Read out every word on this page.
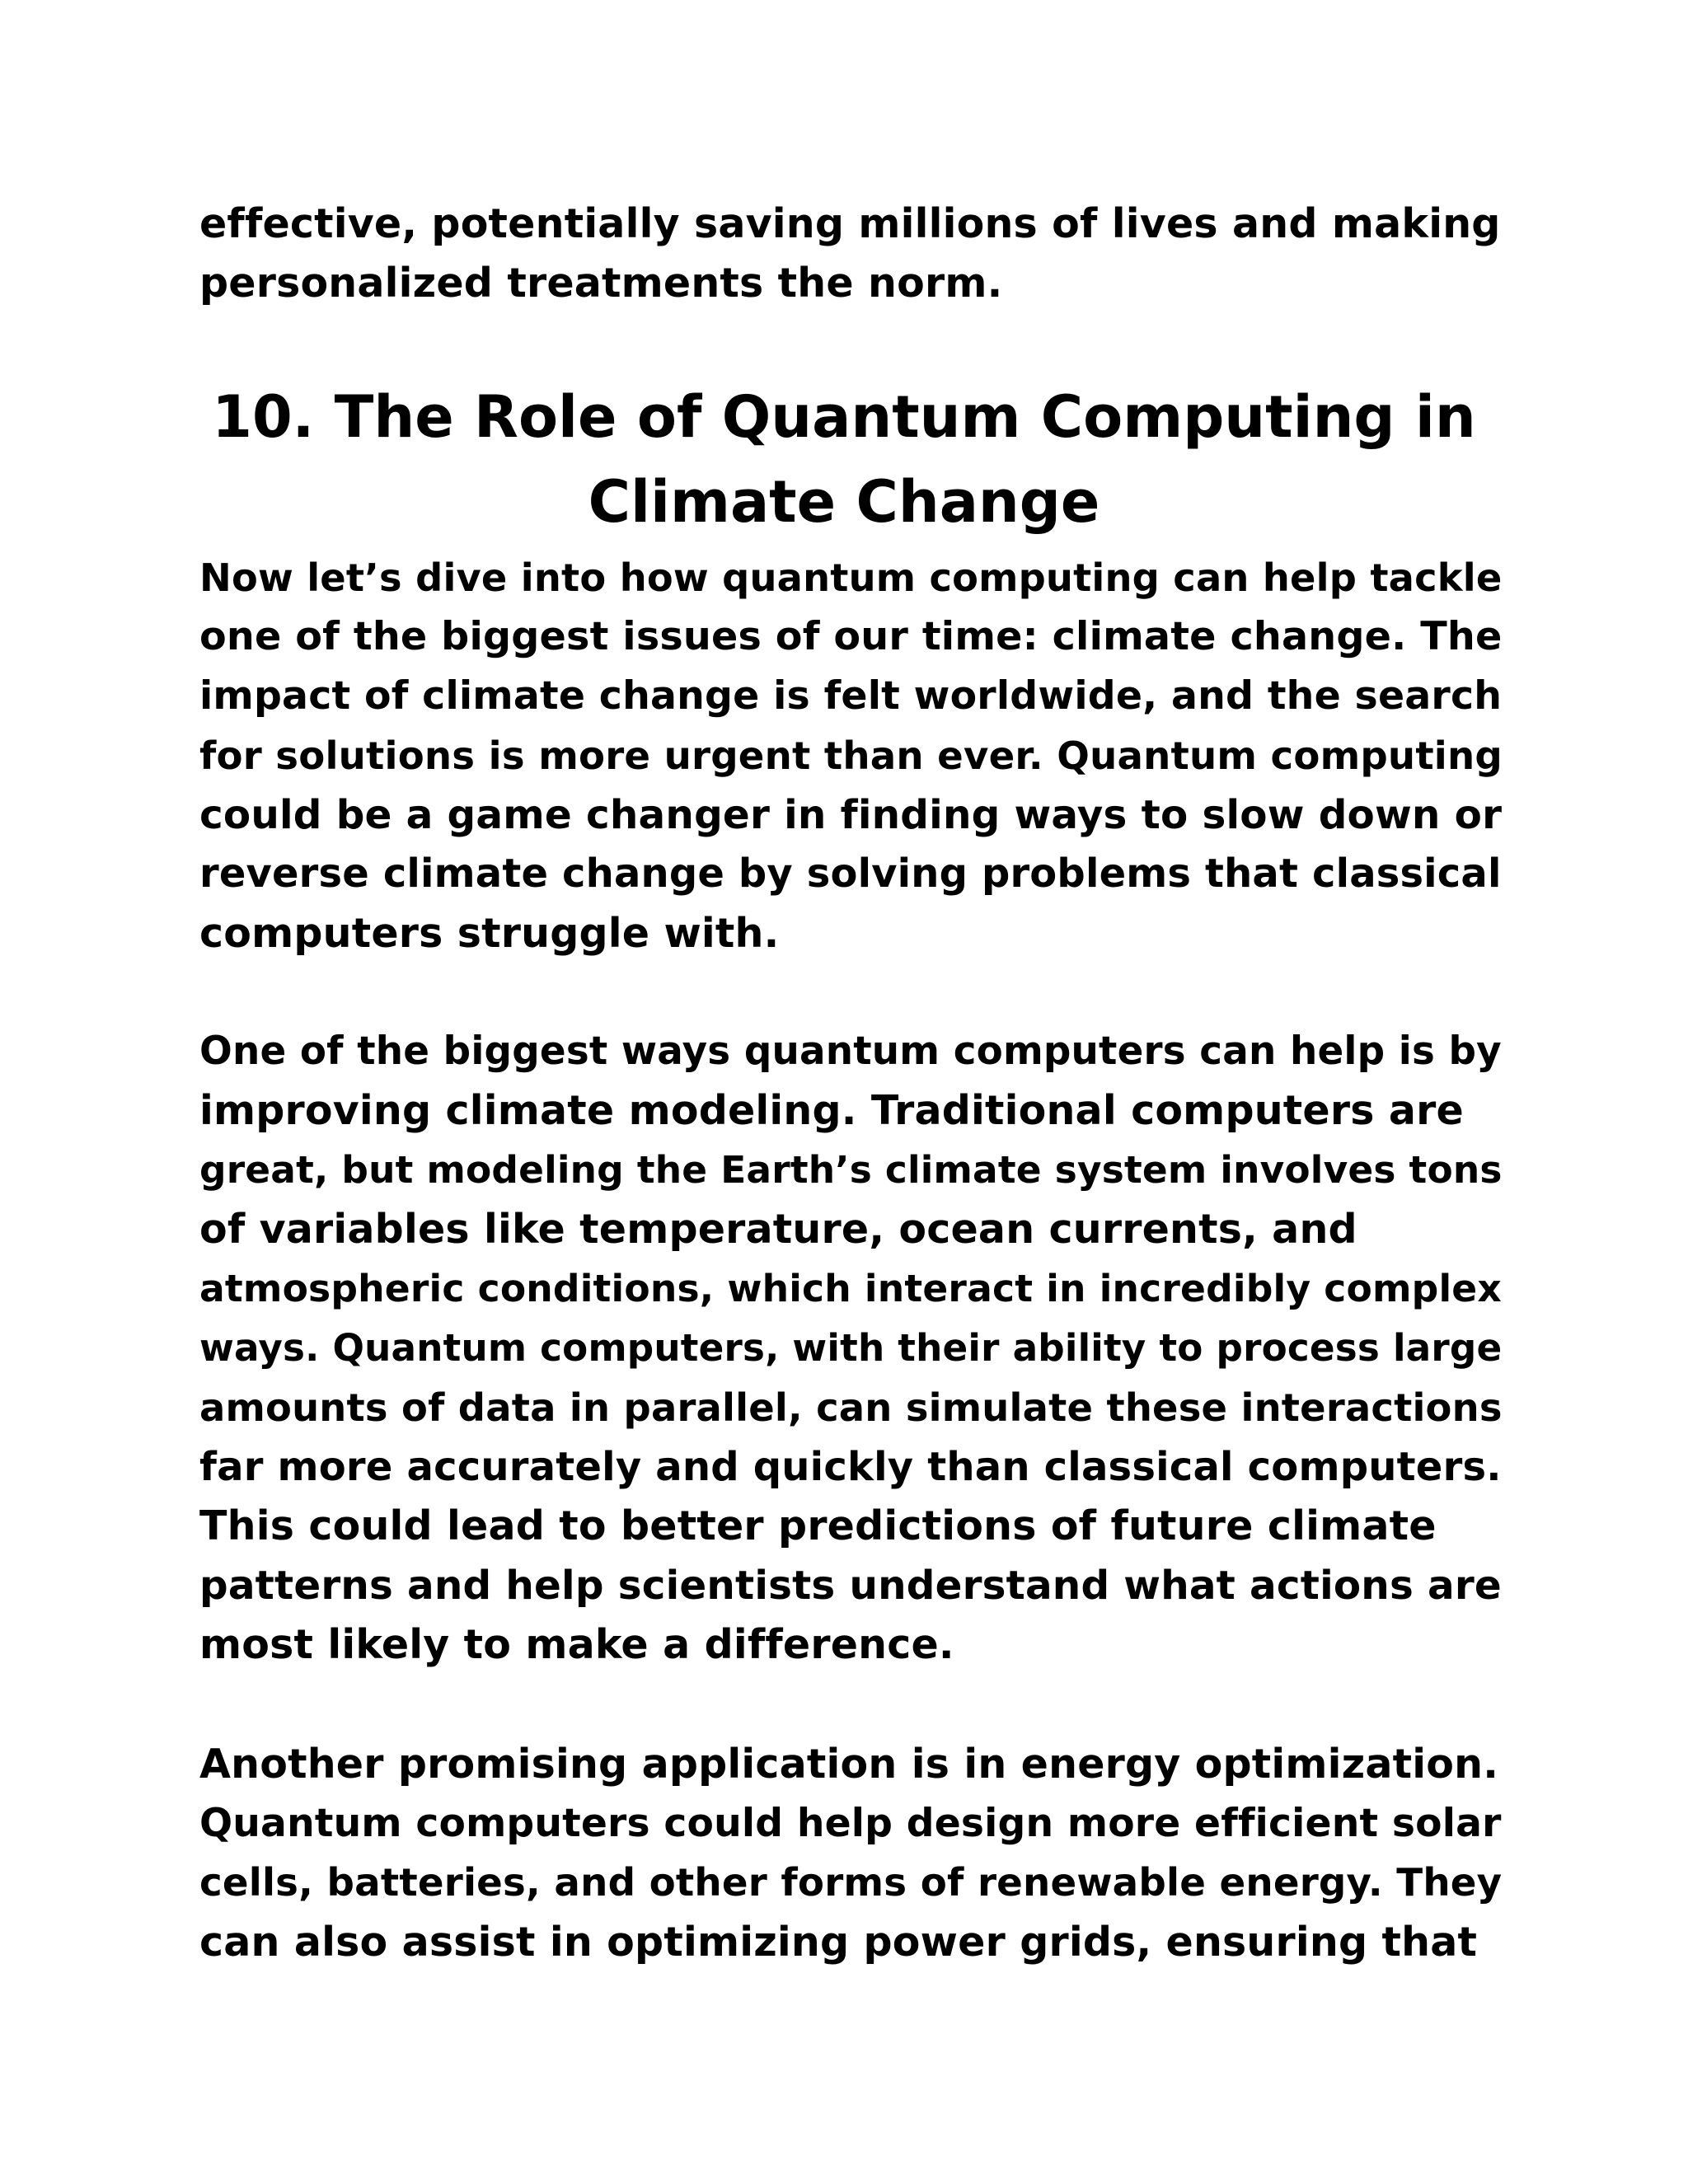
effective, potentially saving millions of lives and making
personalized treatments the norm.

10. The Role of Quantum Computing in
Climate Change

Now let’s dive into how quantum computing can help tackle
one of the biggest issues of our time: climate change. The
impact of climate change is felt worldwide, and the search
for solutions is more urgent than ever. Quantum computing
could be a game changer in finding ways to slow down or
reverse climate change by solving problems that classical
computers struggle with.

One of the biggest ways quantum computers can help is by
improving climate modeling. Traditional computers are
great, but modeling the Earth’s climate system involves tons
of variables like temperature, ocean currents, and
atmospheric conditions, which interact in incredibly complex
ways. Quantum computers, with their ability to process large
amounts of data in parallel, can simulate these interactions
far more accurately and quickly than classical computers.
This could lead to better predictions of future climate
patterns and help scientists understand what actions are
most likely to make a difference.

Another promising application is in energy optimization.
Quantum computers could help design more efficient solar
cells, batteries, and other forms of renewable energy. They
can also assist in optimizing power grids, ensuring that
